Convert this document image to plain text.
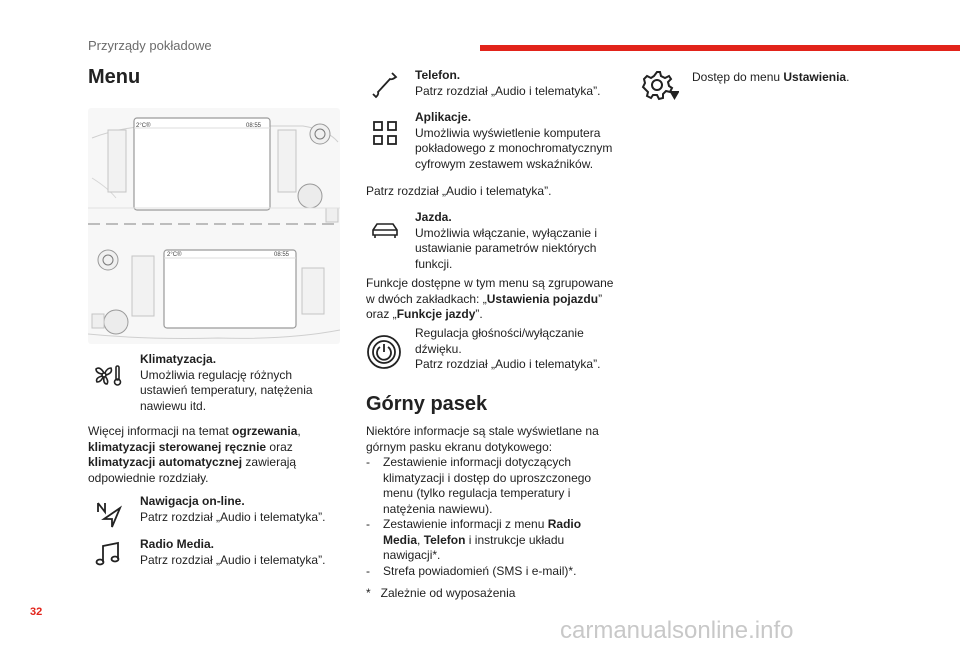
Przyrządy pokładowe
Menu
2°C®	08:55
2°C®	08:55
Klimatyzacja.
Umożliwia regulację różnych ustawień temperatury, natężenia nawiewu itd.
Więcej informacji na temat ogrzewania, klimatyzacji sterowanej ręcznie oraz klimatyzacji automatycznej zawierają odpowiednie rozdziały.
Nawigacja on-line.
Patrz rozdział „Audio i telematyka”.
Radio Media.
Patrz rozdział „Audio i telematyka”.
Telefon.
Patrz rozdział „Audio i telematyka”.
Aplikacje.
Umożliwia wyświetlenie komputera pokładowego z monochromatycznym cyfrowym zestawem wskaźników.
Patrz rozdział „Audio i telematyka”.
Jazda.
Umożliwia włączanie, wyłączanie i ustawianie parametrów niektórych funkcji.
Funkcje dostępne w tym menu są zgrupowane w dwóch zakładkach: „Ustawienia pojazdu” oraz „Funkcje jazdy”.
Regulacja głośności/wyłączanie dźwięku.
Patrz rozdział „Audio i telematyka”.
Górny pasek
Niektóre informacje są stale wyświetlane na górnym pasku ekranu dotykowego:
- Zestawienie informacji dotyczących klimatyzacji i dostęp do uproszczonego menu (tylko regulacja temperatury i natężenia nawiewu).
- Zestawienie informacji z menu Radio Media, Telefon i instrukcje układu nawigacji*.
- Strefa powiadomień (SMS i e-mail)*.
*   Zależnie od wyposażenia
Dostęp do menu Ustawienia.
32
carmanualsonline.info
